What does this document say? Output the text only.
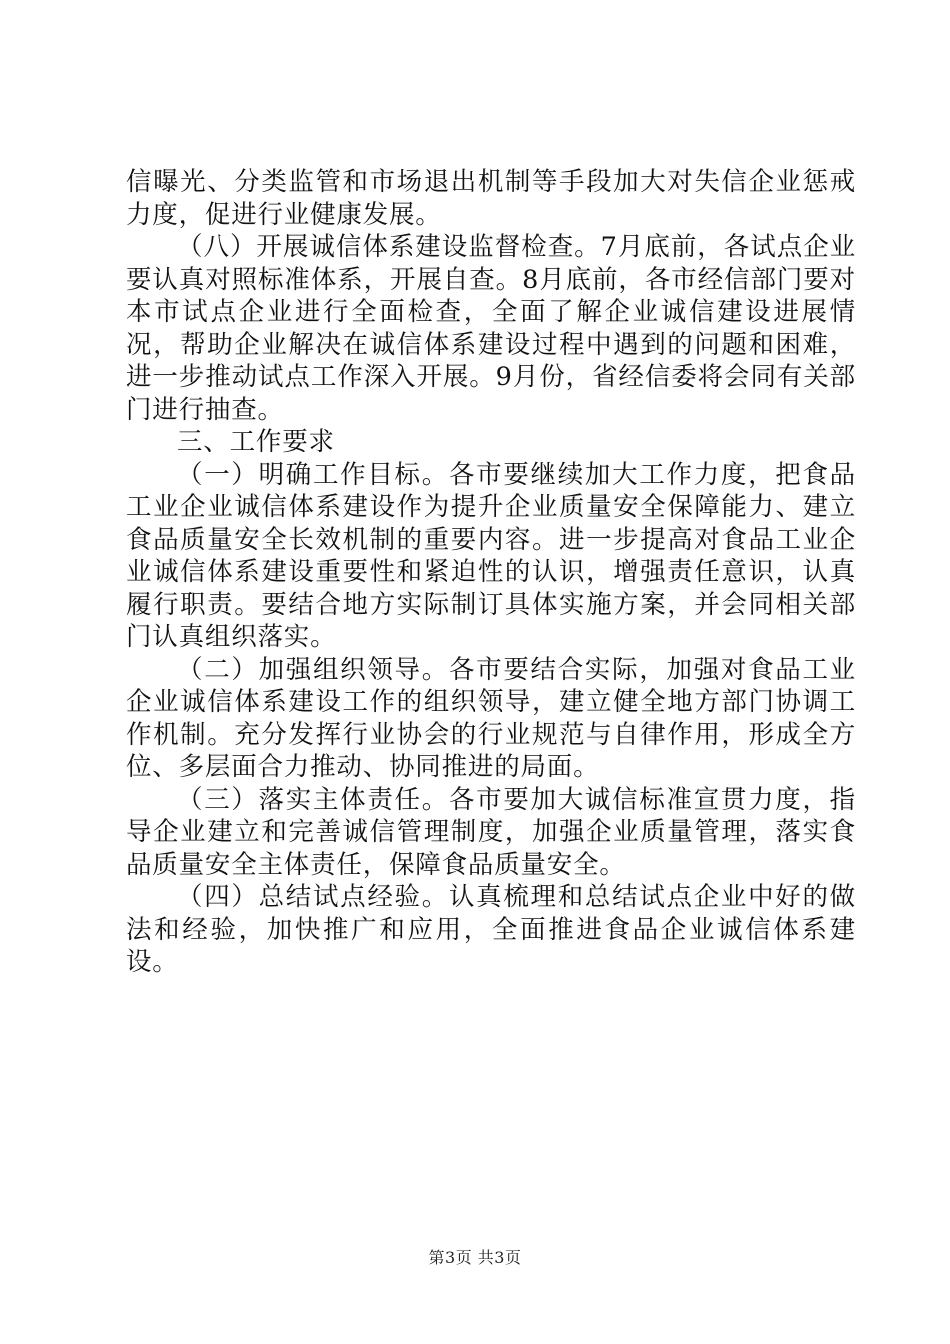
信曝光、分类监管和市场退出机制等手段加大对失信企业惩戒力度，促进行业健康发展。

（八）开展诚信体系建设监督检查。7月底前，各试点企业要认真对照标准体系，开展自查。8月底前，各市经信部门要对本市试点企业进行全面检查，全面了解企业诚信建设进展情况，帮助企业解决在诚信体系建设过程中遇到的问题和困难，进一步推动试点工作深入开展。9月份，省经信委将会同有关部门进行抽查。

三、工作要求

（一）明确工作目标。各市要继续加大工作力度，把食品工业企业诚信体系建设作为提升企业质量安全保障能力、建立食品质量安全长效机制的重要内容。进一步提高对食品工业企业诚信体系建设重要性和紧迫性的认识，增强责任意识，认真履行职责。要结合地方实际制订具体实施方案，并会同相关部门认真组织落实。

（二）加强组织领导。各市要结合实际，加强对食品工业企业诚信体系建设工作的组织领导，建立健全地方部门协调工作机制。充分发挥行业协会的行业规范与自律作用，形成全方位、多层面合力推动、协同推进的局面。

（三）落实主体责任。各市要加大诚信标准宣贯力度，指导企业建立和完善诚信管理制度，加强企业质量管理，落实食品质量安全主体责任，保障食品质量安全。

（四）总结试点经验。认真梳理和总结试点企业中好的做法和经验，加快推广和应用，全面推进食品企业诚信体系建设。

第3页 共3页
